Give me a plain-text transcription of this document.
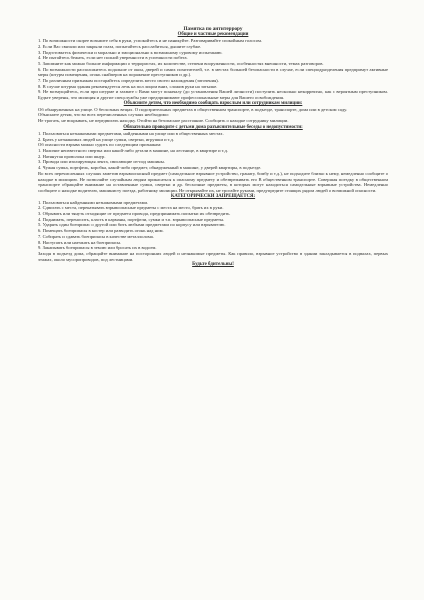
Памятка по антитеррору
Общие и частные рекомендации
1. По возможности скорее возьмите себя в руки, успокойтесь и не паникуйте. Разговаривайте спокойным голосом.
2. Если Вас связали или закрыли глаза, попытайтесь расслабиться, дышите глубже.
3. Подготовьтесь физически и морально и эмоционально к возможному суровому испытанию.
4. Не пытайтесь бежать, если нет полной уверенности в успешности побега.
5. Запомните как можно больше информации о террористах, их количестве, степени вооруженности, особенностях внешности, темах разговоров.
6. По возможности расположитесь подальше от окон, дверей и самих похитителей, т.е. в местах большей безопасности в случае, если спецподразделения предпримут активные меры (штурм помещения, огонь снайперов на поражение преступников и др.).
7. По различным признакам постарайтесь определить место своего нахождения (заточения).
8. В случае штурма здания рекомендуется лечь на пол лицом вниз, сложив руки на затылке.
9. Не возмущайтесь, если при штурме и захвате с Вами могут поначалу (до установления Вашей личности) поступить несколько некорректно, как с вероятным преступником. Будьте уверены, что милиция и другие спецслужбы уже предпринимают профессиональные меры для Вашего освобождения.
Объясните детям, что необходимо сообщать взрослым или сотрудникам милиции:
Об обнаруженных на улице. О бесхозных вещах. О подозрительных предметах в общественном транспорте, в подъезде, транспорте, дома или в детском саду.
Объясните детям, что во всех перечисленных случаях необходимо:
Не трогать, не вскрывать, не передвигать находку. Отойти на безопасное расстояние. Сообщить о находке сотруднику милиции.
Обязательно проводите с детьми дома разъяснительные беседы о недопустимости:
1. Пользоваться незнакомыми предметами, найденными на улице или в общественных местах.
2. Брать у незнакомых людей на улице сумки, свертки, игрушки и т.д.
Об опасности взрыва можно судить по следующим признакам:
1. Наличие неизвестного свертка или какой-либо детали в машине, на лестнице, в квартире и т.д.
2. Натянутая проволока или шнур.
3. Провода или изолирующая лента, свисающие из-под машины.
4. Чужая сумка, портфель, коробка, какой-либо предмет, обнаруженный в машине, у дверей квартиры, в подъезде.
Во всех перечисленных случаях заметив взрывоопасный предмет (самодельное взрывное устройство, гранату, бомбу и т.д.), не подходите близко к нему, немедленно сообщите о находке в милицию. Не позволяйте случайным людям прикасаться к опасному предмету и обезвреживать его В общественном транспорте. Совершая поездку в общественном транспорте обращайте внимание на оставленные сумки, свертки и др. бесхозные предметы, в которых могут находиться самодельные взрывные устройства. Немедленно сообщите о находке водителю, машинисту поезда, работнику милиции. Не открывайте их, не трогайте руками, предупредите стоящих рядом людей о возможной опасности.
КАТЕГОРИЧЕСКИ ЗАПРЕЩАЕТСЯ:
1. Пользоваться найденными незнакомыми предметами.
2. Сдвигать с места, перекатывать взрывоопасные предметы с места на место, брать их в руки.
3. Обрывать или тянуть отходящие от предмета провода, предпринимать попытки их обезвредить.
4. Поднимать, переносить, класть в карманы, портфели, сумки и т.п. взрывоопасные предметы.
5. Ударять один боеприпас о другой или бить любыми предметами по корпусу или взрывателю.
6. Помещать боеприпасы в костер или разводить огонь над ним.
7. Собирать и сдавать боеприпасы в качестве металлолома.
8. Наступать или наезжать на боеприпасы.
9. Закапывать боеприпасы в землю или бросать их в водоем.
Заходя в подъезд дома, обращайте внимание на посторонних людей и незнакомые предметы. Как правило, взрывное устройство в здании закладывается в подвалах, первых этажах, около мусоропроводов, под лестницами.
Будьте бдительны!
